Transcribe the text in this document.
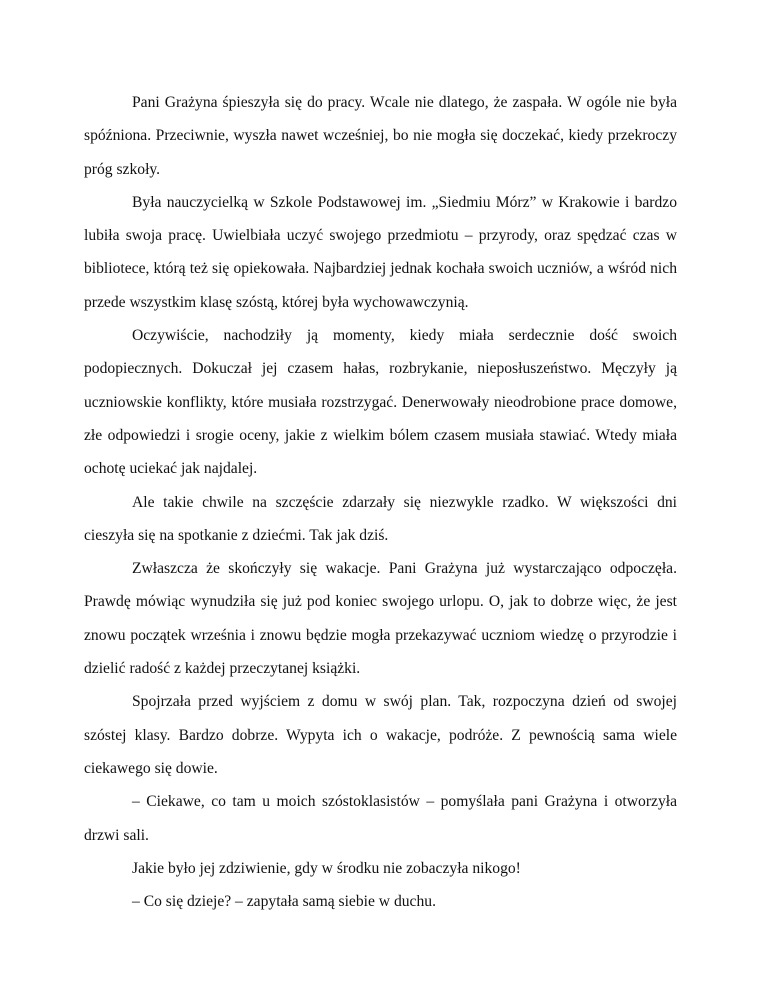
Pani Grażyna śpieszyła się do pracy. Wcale nie dlatego, że zaspała. W ogóle nie była spóźniona. Przeciwnie, wyszła nawet wcześniej, bo nie mogła się doczekać, kiedy przekroczy próg szkoły.

Była nauczycielką w Szkole Podstawowej im. „Siedmiu Mórz” w Krakowie i bardzo lubiła swoja pracę. Uwielbiała uczyć swojego przedmiotu – przyrody, oraz spędzać czas w bibliotece, którą też się opiekowała. Najbardziej jednak kochała swoich uczniów, a wśród nich przede wszystkim klasę szóstą, której była wychowawczynią.

Oczywiście, nachodziły ją momenty, kiedy miała serdecznie dość swoich podopiecznych. Dokuczał jej czasem hałas, rozbrykanie, nieposłuszeństwo. Męczyły ją uczniowskie konflikty, które musiała rozstrzygać. Denerwowały nieodrobione prace domowe, złe odpowiedzi i srogie oceny, jakie z wielkim bólem czasem musiała stawiać. Wtedy miała ochotę uciekać jak najdalej.

Ale takie chwile na szczęście zdarzały się niezwykle rzadko. W większości dni cieszyła się na spotkanie z dziećmi. Tak jak dziś.

Zwłaszcza że skończyły się wakacje. Pani Grażyna już wystarczająco odpoczęła. Prawdę mówiąc wynudziła się już pod koniec swojego urlopu. O, jak to dobrze więc, że jest znowu początek września i znowu będzie mogła przekazywać uczniom wiedzę o przyrodzie i dzielić radość z każdej przeczytanej książki.

Spojrzała przed wyjściem z domu w swój plan. Tak, rozpoczyna dzień od swojej szóstej klasy. Bardzo dobrze. Wypyta ich o wakacje, podróże. Z pewnością sama wiele ciekawego się dowie.

– Ciekawe, co tam u moich szóstoklasistów – pomyślała pani Grażyna i otworzyła drzwi sali.

Jakie było jej zdziwienie, gdy w środku nie zobaczyła nikogo!

– Co się dzieje? – zapytała samą siebie w duchu.
